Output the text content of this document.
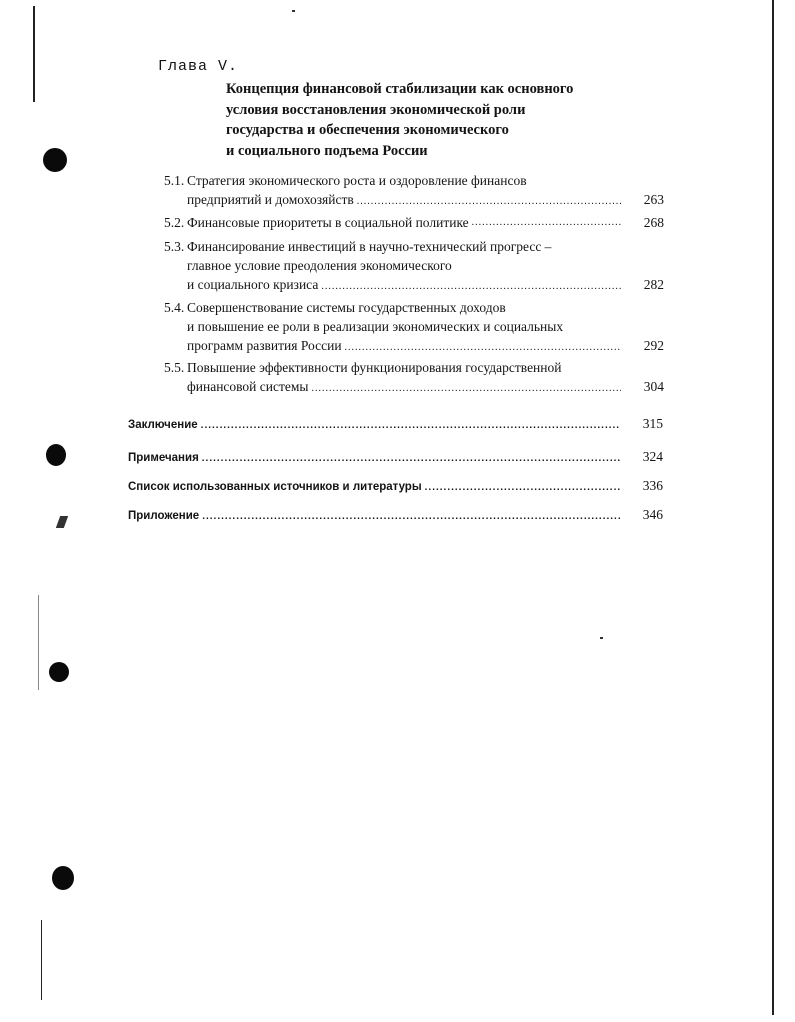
Глава V.
Концепция финансовой стабилизации как основного
условия восстановления экономической роли
государства и обеспечения экономического
и социального подъема России
5.1. Стратегия экономического роста и оздоровление финансов
предприятий и домохозяйств .....	263
5.2. Финансовые приоритеты в социальной политике .....	268
5.3. Финансирование инвестиций в научно-технический прогресс –
главное условие преодоления экономического
и социального кризиса .....	282
5.4. Совершенствование системы государственных доходов
и повышение ее роли в реализации экономических и социальных
программ развития России .....	292
5.5. Повышение эффективности функционирования государственной
финансовой системы .....	304
Заключение .....	315
Примечания .....	324
Список использованных источников и литературы .....	336
Приложение .....	346
